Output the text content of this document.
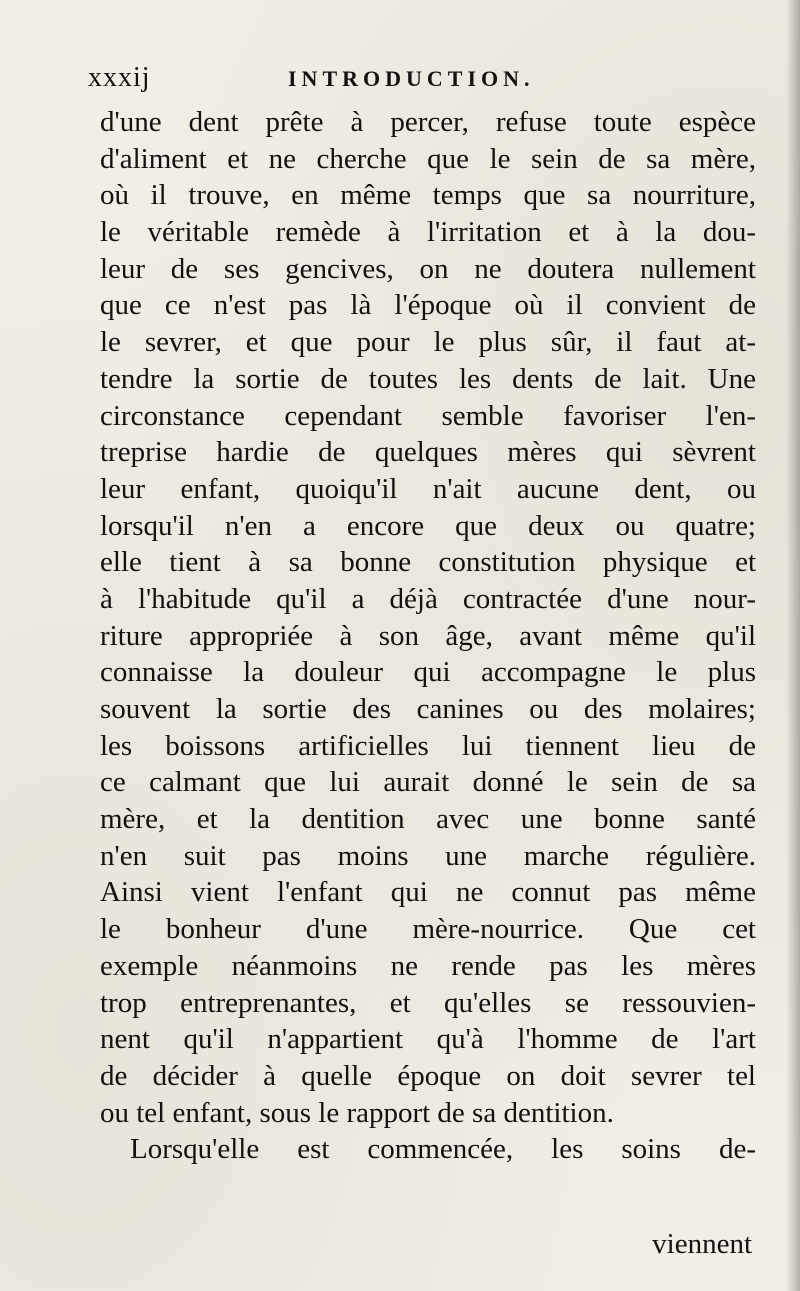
xxxij	INTRODUCTION.
d'une dent prête à percer, refuse toute espèce
d'aliment et ne cherche que le sein de sa mère,
où il trouve, en même temps que sa nourriture,
le véritable remède à l'irritation et à la dou-
leur de ses gencives, on ne doutera nullement
que ce n'est pas là l'époque où il convient de
le sevrer, et que pour le plus sûr, il faut at-
tendre la sortie de toutes les dents de lait. Une
circonstance cependant semble favoriser l'en-
treprise hardie de quelques mères qui sèvrent
leur enfant, quoiqu'il n'ait aucune dent, ou
lorsqu'il n'en a encore que deux ou quatre;
elle tient à sa bonne constitution physique et
à l'habitude qu'il a déjà contractée d'une nour-
riture appropriée à son âge, avant même qu'il
connaisse la douleur qui accompagne le plus
souvent la sortie des canines ou des molaires;
les boissons artificielles lui tiennent lieu de
ce calmant que lui aurait donné le sein de sa
mère, et la dentition avec une bonne santé
n'en suit pas moins une marche régulière.
Ainsi vient l'enfant qui ne connut pas même
le bonheur d'une mère-nourrice. Que cet
exemple néanmoins ne rende pas les mères
trop entreprenantes, et qu'elles se ressouvien-
nent qu'il n'appartient qu'à l'homme de l'art
de décider à quelle époque on doit sevrer tel
ou tel enfant, sous le rapport de sa dentition.
Lorsqu'elle est commencée, les soins de-
viennent
